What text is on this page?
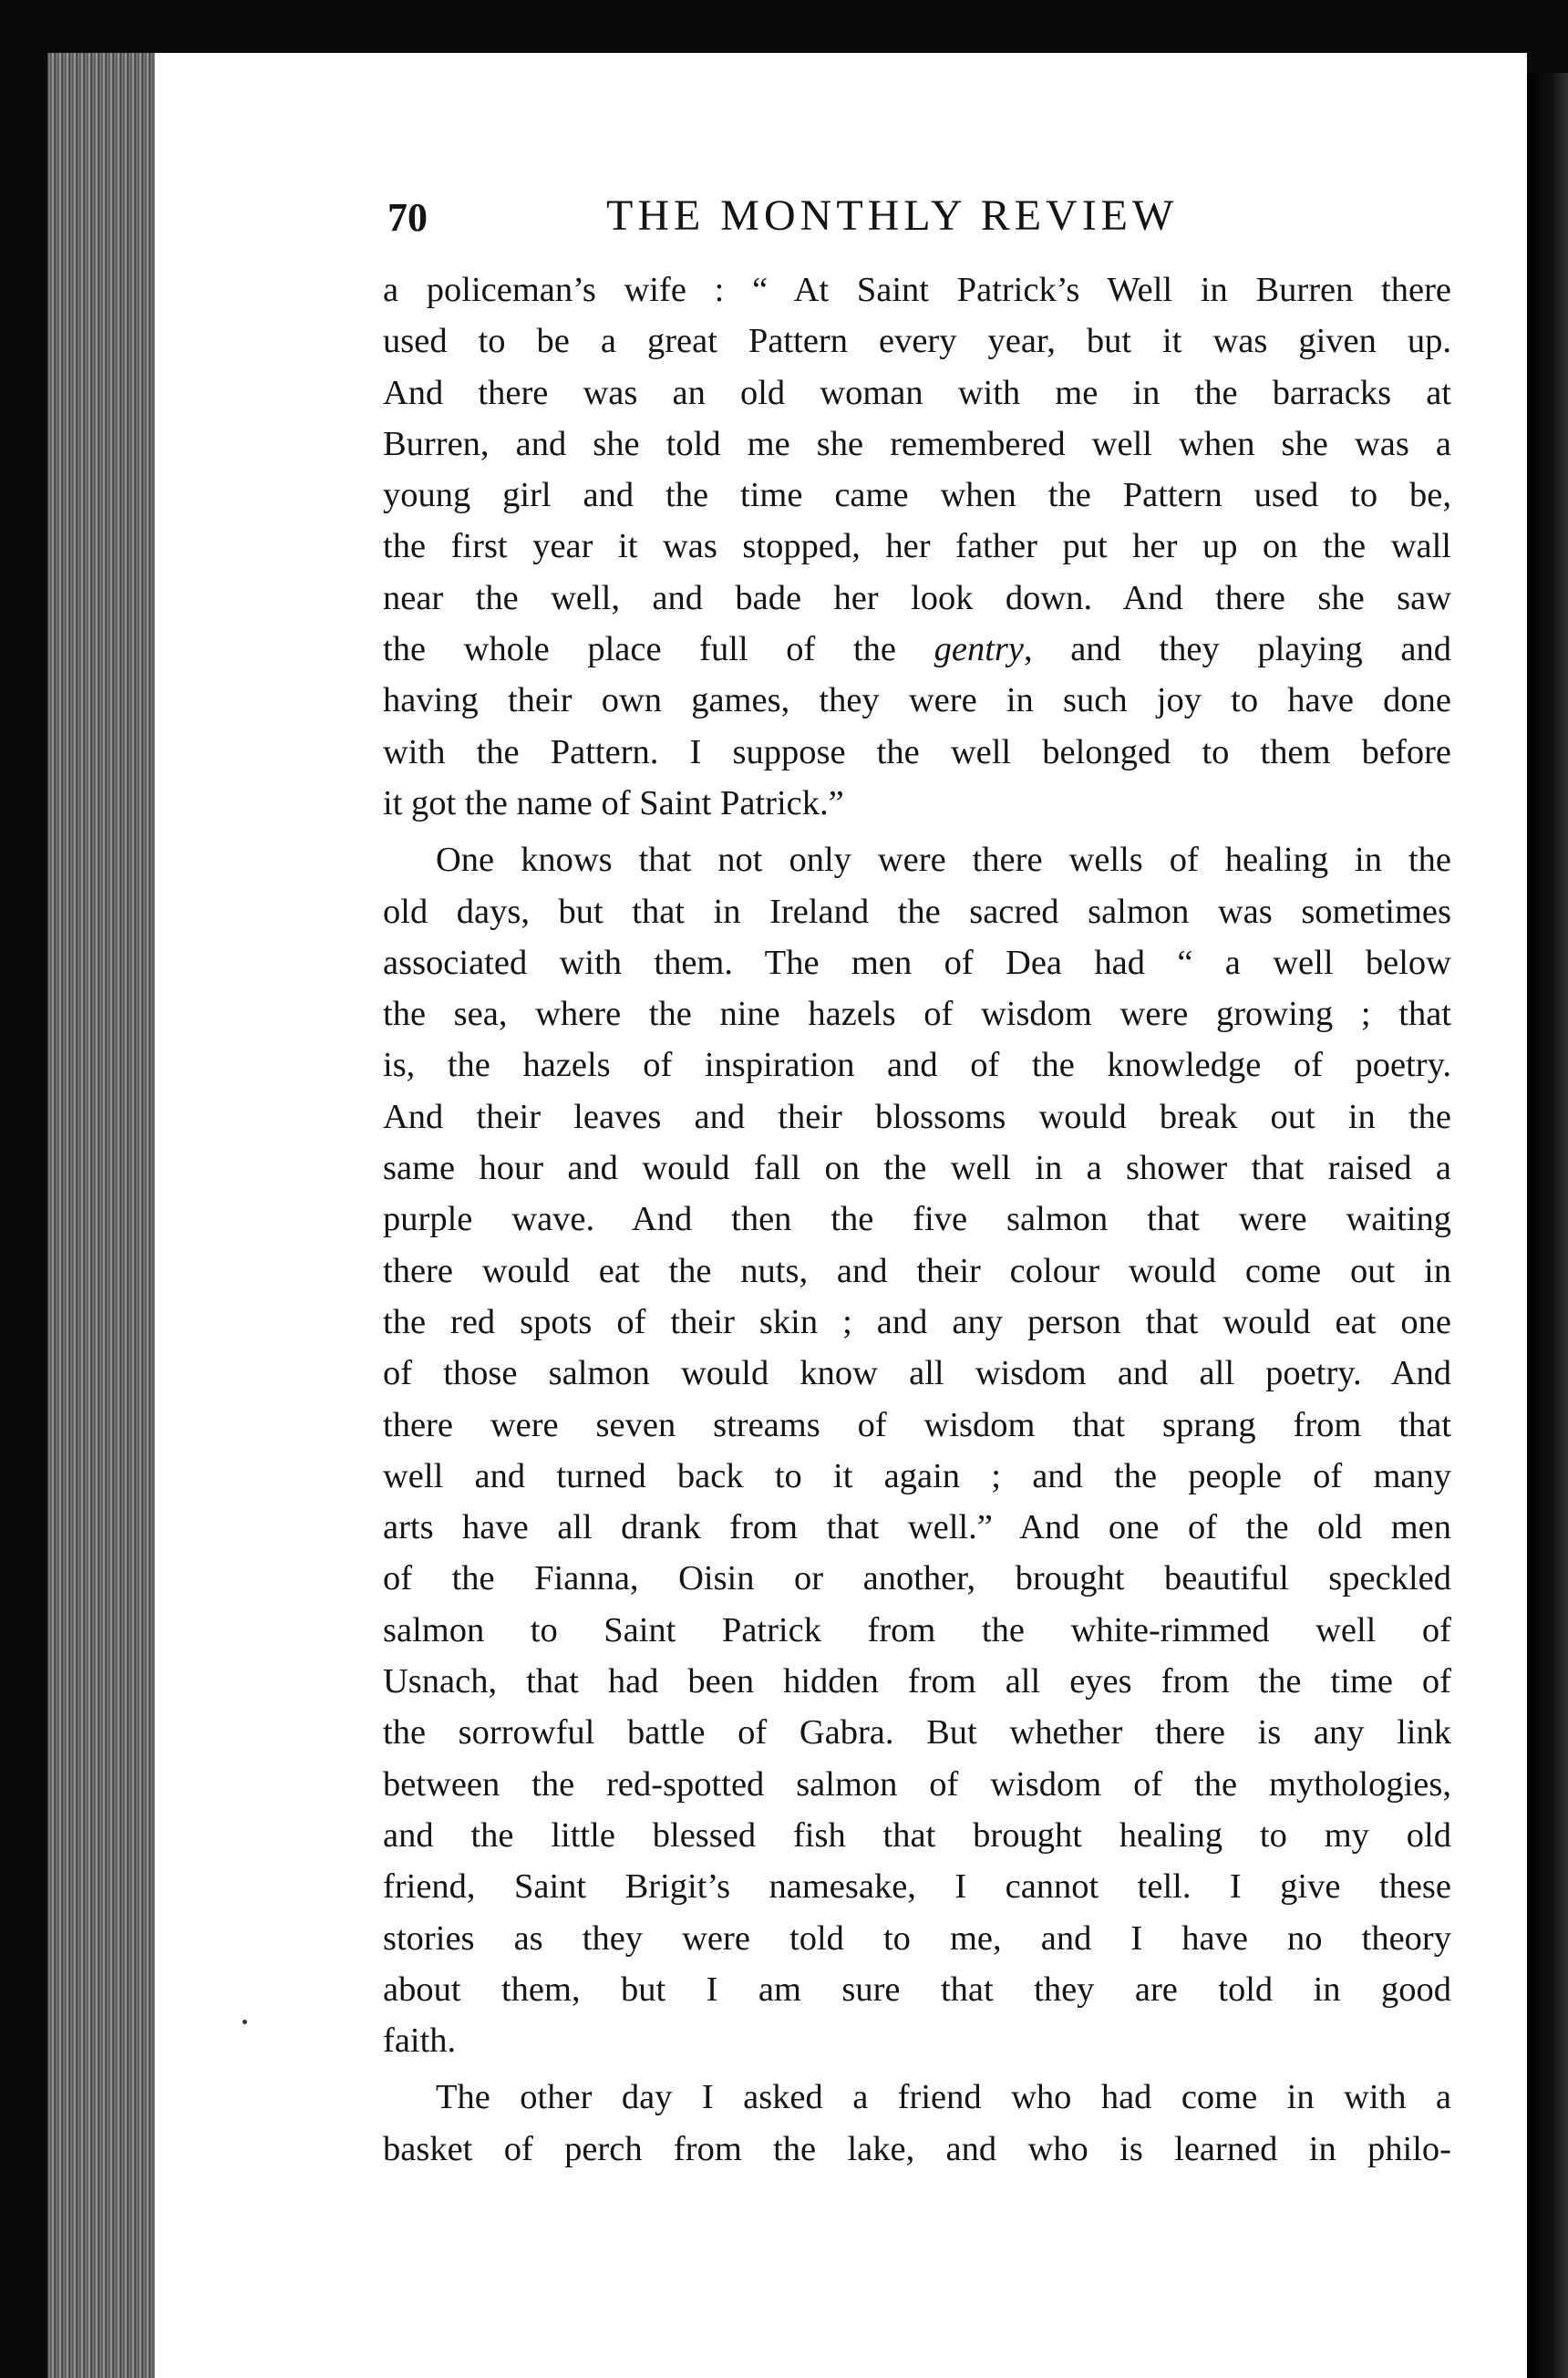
70	THE MONTHLY REVIEW
a policeman’s wife : “ At Saint Patrick’s Well in Burren there
used to be a great Pattern every year, but it was given up.
And there was an old woman with me in the barracks at
Burren, and she told me she remembered well when she was a
young girl and the time came when the Pattern used to be,
the first year it was stopped, her father put her up on the wall
near the well, and bade her look down. And there she saw
the whole place full of the gentry, and they playing and
having their own games, they were in such joy to have done
with the Pattern. I suppose the well belonged to them before
it got the name of Saint Patrick.”
One knows that not only were there wells of healing in the
old days, but that in Ireland the sacred salmon was sometimes
associated with them. The men of Dea had “ a well below
the sea, where the nine hazels of wisdom were growing ; that
is, the hazels of inspiration and of the knowledge of poetry.
And their leaves and their blossoms would break out in the
same hour and would fall on the well in a shower that raised a
purple wave. And then the five salmon that were waiting
there would eat the nuts, and their colour would come out in
the red spots of their skin ; and any person that would eat one
of those salmon would know all wisdom and all poetry. And
there were seven streams of wisdom that sprang from that
well and turned back to it again ; and the people of many
arts have all drank from that well.” And one of the old men
of the Fianna, Oisin or another, brought beautiful speckled
salmon to Saint Patrick from the white-rimmed well of
Usnach, that had been hidden from all eyes from the time of
the sorrowful battle of Gabra. But whether there is any link
between the red-spotted salmon of wisdom of the mythologies,
and the little blessed fish that brought healing to my old
friend, Saint Brigit’s namesake, I cannot tell. I give these
stories as they were told to me, and I have no theory
about them, but I am sure that they are told in good
faith.
The other day I asked a friend who had come in with a
basket of perch from the lake, and who is learned in philo-
